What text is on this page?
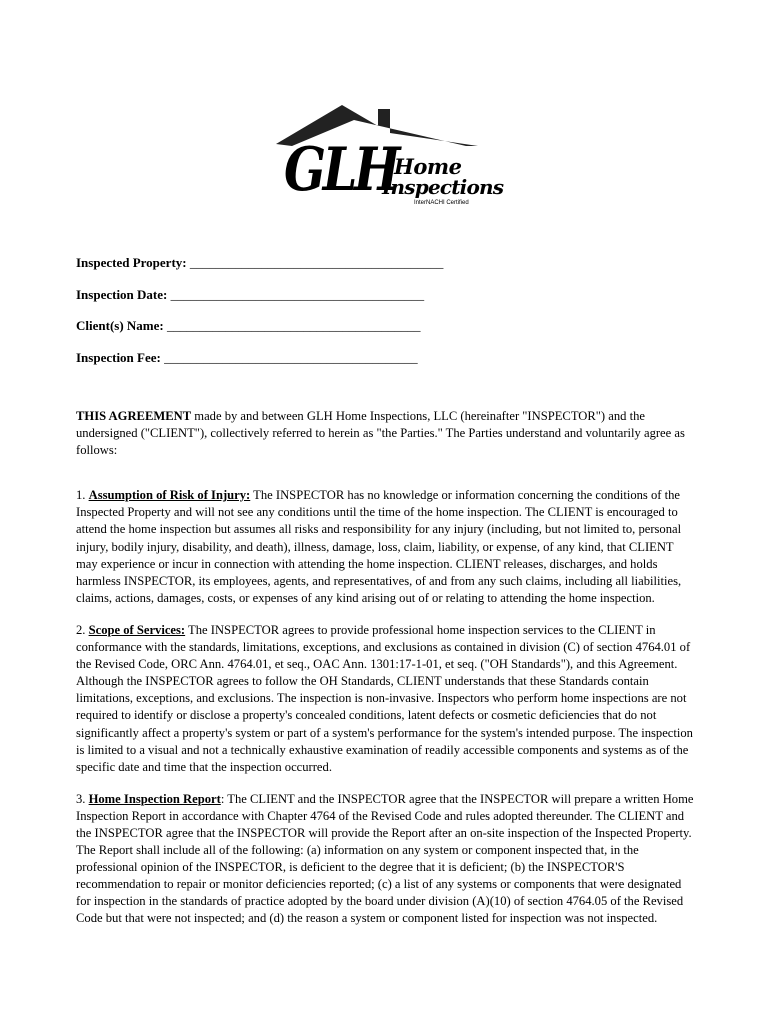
GLH
Home
Inspections
InterNACHI Certified
Inspected Property: _______________________________________
Inspection Date: _______________________________________
Client(s) Name: _______________________________________
Inspection Fee: _______________________________________

THIS AGREEMENT made by and between GLH Home Inspections, LLC (hereinafter "INSPECTOR") and the undersigned ("CLIENT"), collectively referred to herein as "the Parties." The Parties understand and voluntarily agree as follows:

1. Assumption of Risk of Injury: The INSPECTOR has no knowledge or information concerning the conditions of the Inspected Property and will not see any conditions until the time of the home inspection. The CLIENT is encouraged to attend the home inspection but assumes all risks and responsibility for any injury (including, but not limited to, personal injury, bodily injury, disability, and death), illness, damage, loss, claim, liability, or expense, of any kind, that CLIENT may experience or incur in connection with attending the home inspection. CLIENT releases, discharges, and holds harmless INSPECTOR, its employees, agents, and representatives, of and from any such claims, including all liabilities, claims, actions, damages, costs, or expenses of any kind arising out of or relating to attending the home inspection.

2. Scope of Services: The INSPECTOR agrees to provide professional home inspection services to the CLIENT in conformance with the standards, limitations, exceptions, and exclusions as contained in division (C) of section 4764.01 of the Revised Code, ORC Ann. 4764.01, et seq., OAC Ann. 1301:17-1-01, et seq. ("OH Standards"), and this Agreement. Although the INSPECTOR agrees to follow the OH Standards, CLIENT understands that these Standards contain limitations, exceptions, and exclusions. The inspection is non-invasive. Inspectors who perform home inspections are not required to identify or disclose a property's concealed conditions, latent defects or cosmetic deficiencies that do not significantly affect a property's system or part of a system's performance for the system's intended purpose. The inspection is limited to a visual and not a technically exhaustive examination of readily accessible components and systems as of the specific date and time that the inspection occurred.

3. Home Inspection Report: The CLIENT and the INSPECTOR agree that the INSPECTOR will prepare a written Home Inspection Report in accordance with Chapter 4764 of the Revised Code and rules adopted thereunder. The CLIENT and the INSPECTOR agree that the INSPECTOR will provide the Report after an on-site inspection of the Inspected Property. The Report shall include all of the following: (a) information on any system or component inspected that, in the professional opinion of the INSPECTOR, is deficient to the degree that it is deficient; (b) the INSPECTOR'S recommendation to repair or monitor deficiencies reported; (c) a list of any systems or components that were designated for inspection in the standards of practice adopted by the board under division (A)(10) of section 4764.05 of the Revised Code but that were not inspected; and (d) the reason a system or component listed for inspection was not inspected.
